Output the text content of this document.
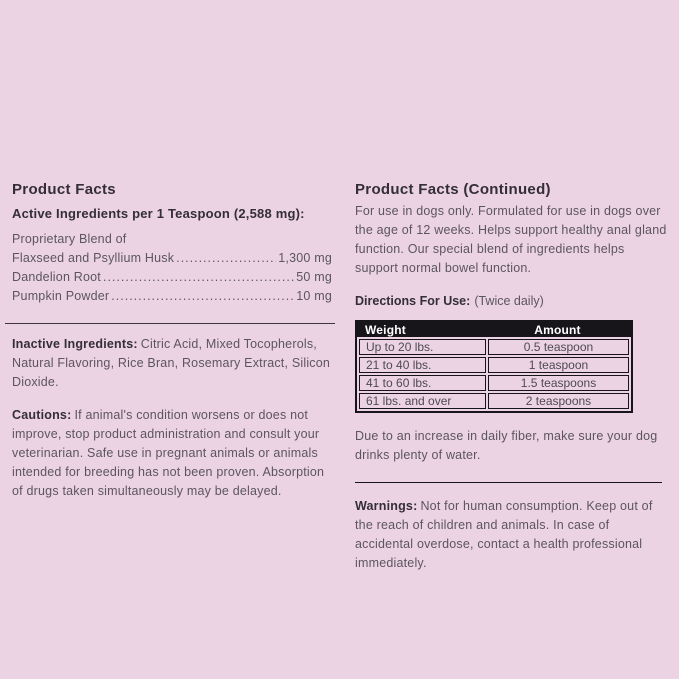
Product Facts
Active Ingredients per 1 Teaspoon (2,588 mg):
Proprietary Blend of
Flaxseed and Psyllium Husk .....	1,300 mg
Dandelion Root .....	50 mg
Pumpkin Powder .....	10 mg

Inactive Ingredients: Citric Acid, Mixed Tocopherols, Natural Flavoring, Rice Bran, Rosemary Extract, Silicon Dioxide.

Cautions: If animal's condition worsens or does not improve, stop product administration and consult your veterinarian. Safe use in pregnant animals or animals intended for breeding has not been proven. Absorption of drugs taken simultaneously may be delayed.

Product Facts (Continued)

For use in dogs only. Formulated for use in dogs over the age of 12 weeks. Helps support healthy anal gland function. Our special blend of ingredients helps support normal bowel function.

Directions For Use: (Twice daily)

Weight	Amount
Up to 20 lbs.	0.5 teaspoon
21 to 40 lbs.	1 teaspoon
41 to 60 lbs.	1.5 teaspoons
61 lbs. and over	2 teaspoons

Due to an increase in daily fiber, make sure your dog drinks plenty of water.

Warnings: Not for human consumption. Keep out of the reach of children and animals. In case of accidental overdose, contact a health professional immediately.
